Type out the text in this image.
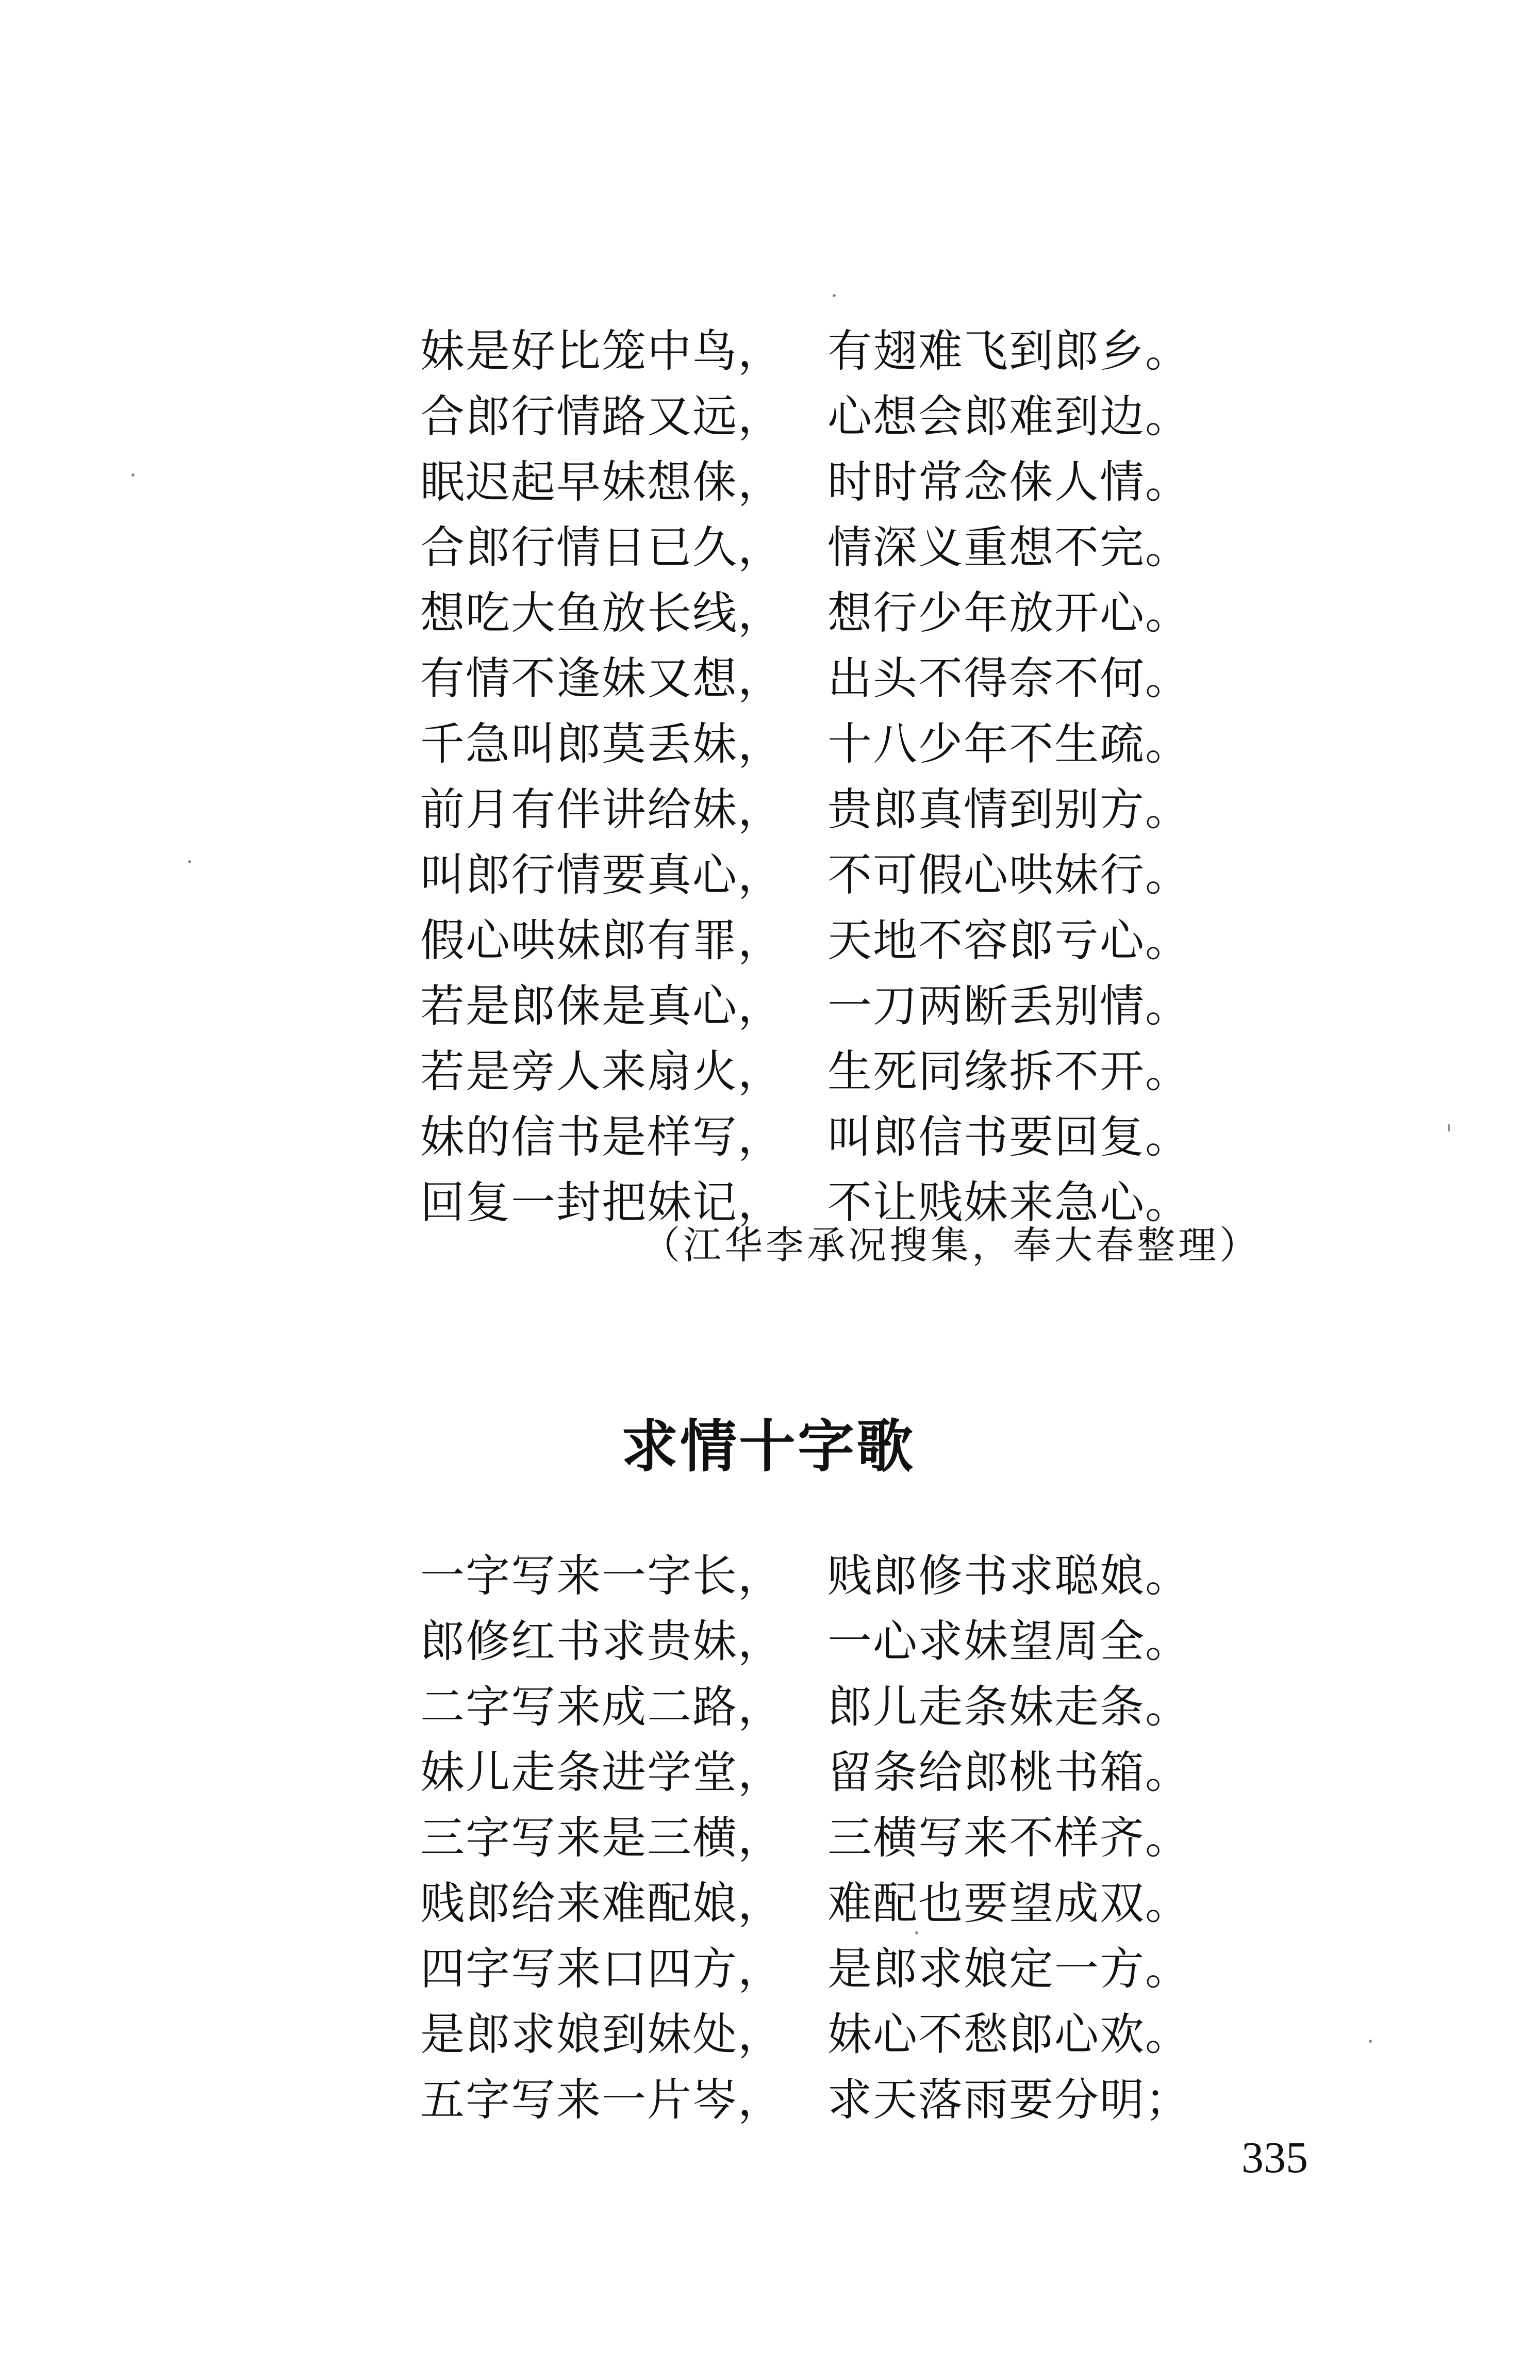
妹是好比笼中鸟， 有翅难飞到郎乡。
合郎行情路又远， 心想会郎难到边。
眠迟起早妹想俫， 时时常念俫人情。
合郎行情日已久， 情深义重想不完。
想吃大鱼放长线， 想行少年放开心。
有情不逢妹又想， 出头不得奈不何。
千急叫郎莫丢妹， 十八少年不生疏。
前月有伴讲给妹， 贵郎真情到别方。
叫郎行情要真心， 不可假心哄妹行。
假心哄妹郎有罪， 天地不容郎亏心。
若是郎俫是真心， 一刀两断丢别情。
若是旁人来扇火， 生死同缘拆不开。
妹的信书是样写， 叫郎信书要回复。
回复一封把妹记， 不让贱妹来急心。
（江华李承况搜集，奉大春整理）
求情十字歌
一字写来一字长， 贱郎修书求聪娘。
郎修红书求贵妹， 一心求妹望周全。
二字写来成二路， 郎儿走条妹走条。
妹儿走条进学堂， 留条给郎桃书箱。
三字写来是三横， 三横写来不样齐。
贱郎给来难配娘， 难配也要望成双。
四字写来口四方， 是郎求娘定一方。
是郎求娘到妹处， 妹心不愁郎心欢。
五字写来一片岑， 求天落雨要分明；
335
